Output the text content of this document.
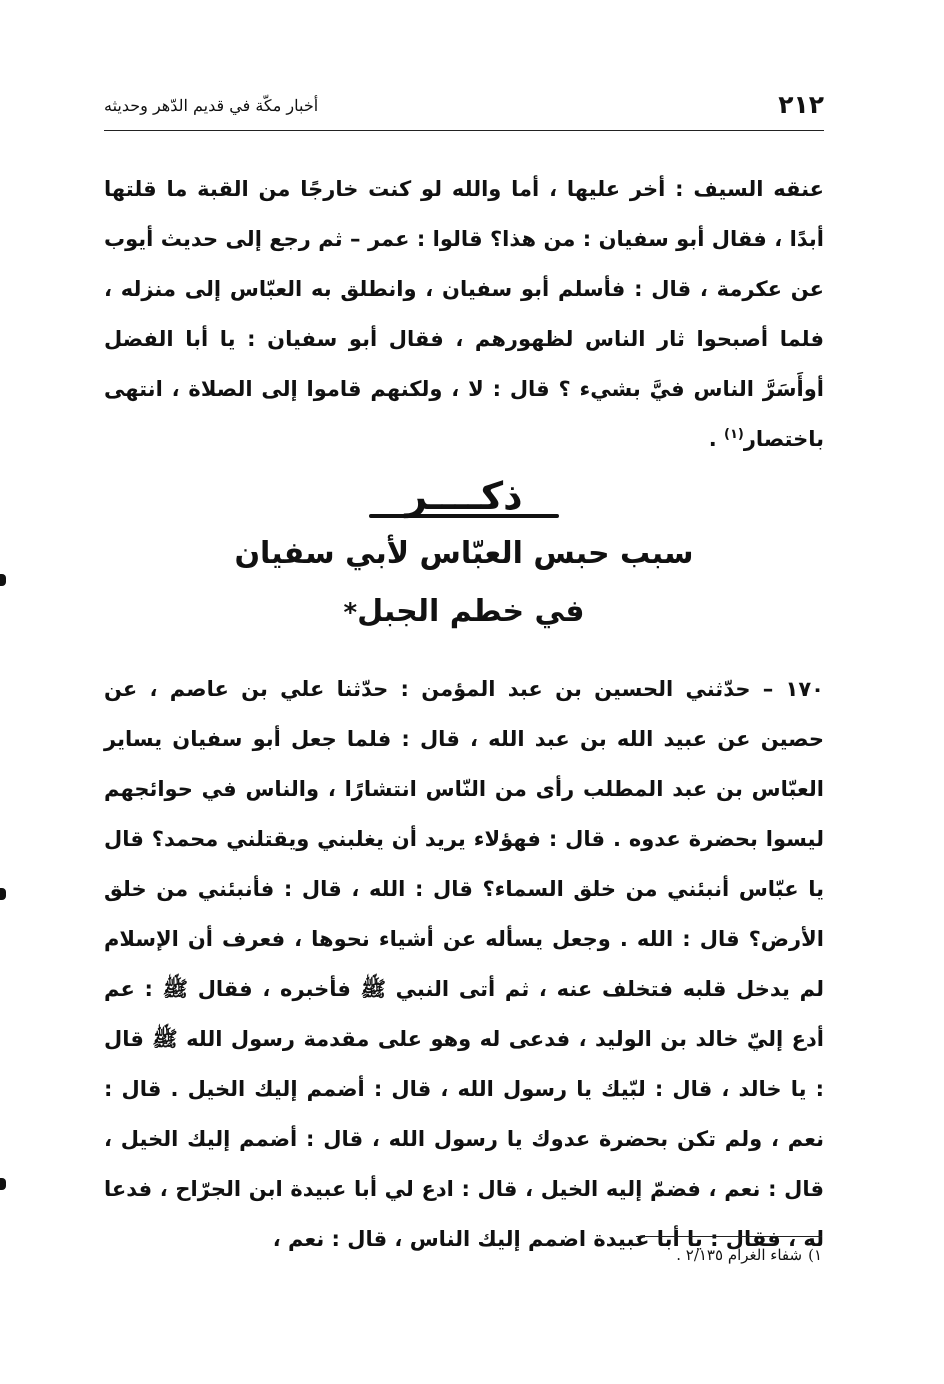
٢١٢
أخبار مكّة في قديم الدّهر وحديثه

عنقه السيف : أخر عليها ، أما والله لو كنت خارجًا من القبة ما قلتها أبدًا ، فقال أبو سفيان : من هذا؟ قالوا : عمر – ثم رجع إلى حديث أيوب عن عكرمة ، قال : فأسلم أبو سفيان ، وانطلق به العبّاس إلى منزله ، فلما أصبحوا ثار الناس لظهورهم ، فقال أبو سفيان : يا أبا الفضل أوأَسَرَّ الناس فيَّ بشيء ؟ قال : لا ، ولكنهم قاموا إلى الصلاة ، انتهى باختصار$^{(١)}$ .

ذكــــر
سبب حبس العبّاس لأبي سفيان
في خطم الجبل*

١٧٠ – حدّثني الحسين بن عبد المؤمن : حدّثنا علي بن عاصم ، عن حصين عن عبيد الله بن عبد الله ، قال : فلما جعل أبو سفيان يساير العبّاس بن عبد المطلب رأى من النّاس انتشارًا ، والناس في حوائجهم ليسوا بحضرة عدوه . قال : فهؤلاء يريد أن يغلبني ويقتلني محمد؟ قال يا عبّاس أنبئني من خلق السماء؟ قال : الله ، قال : فأنبئني من خلق الأرض؟ قال : الله . وجعل يسأله عن أشياء نحوها ، فعرف أن الإسلام لم يدخل قلبه فتخلف عنه ، ثم أتى النبي ﷺ فأخبره ، فقال ﷺ : عم أدع إليّ خالد بن الوليد ، فدعى له وهو على مقدمة رسول الله ﷺ قال : يا خالد ، قال : لبّيك يا رسول الله ، قال : أضمم إليك الخيل . قال : نعم ، ولم تكن بحضرة عدوك يا رسول الله ، قال : أضمم إليك الخيل ، قال : نعم ، فضمّ إليه الخيل ، قال : ادع لي أبا عبيدة ابن الجرّاح ، فدعا له ، فقال : يا أبا عبيدة اضمم إليك الناس ، قال : نعم ،

١)شفاء الغرام ٢/١٣٥ .
